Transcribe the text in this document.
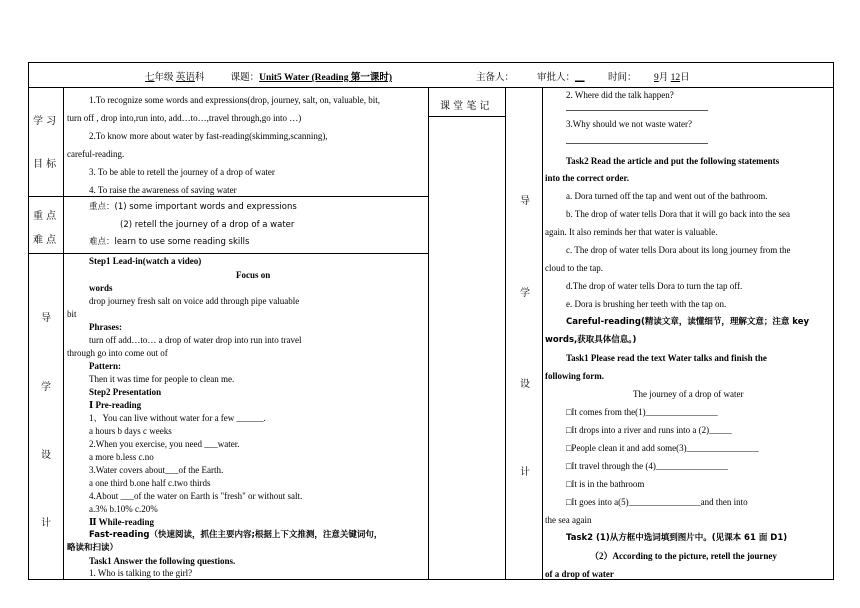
七年级 英语科	课题：Unit5 Water (Reading 第一课时)	主备人： 审批人：__ 时间： 9月 12日
学 习
目 标
重 点
难 点
导
学
设
计
导
学
设
计
课 堂 笔 记
1.To recognize some words and expressions(drop, journey, salt, on, valuable, bit,
turn off , drop into,run into, add…to…,travel through,go into …)
2.To know more about water by fast-reading(skimming,scanning),
careful-reading.
3. To be able to retell the journey of a drop of water
4. To raise the awareness of saving water
重点：(1) some important words and expressions
(2) retell the journey of a drop of a water
难点：learn to use some reading skills
Step1 Lead-in(watch a video)
Focus on
words
drop journey fresh salt on voice add through pipe valuable
bit
Phrases:
turn off add…to… a drop of water drop into run into travel
through go into come out of
Pattern:
Then it was time for people to clean me.
Step2 Presentation
Ⅰ Pre-reading
1、You can live without water for a few ______.
a hours b days c weeks
2.When you exercise, you need ___water.
a more b.less c.no
3.Water covers about___of the Earth.
a one third b.one half c.two thirds
4.About ___of the water on Earth is "fresh" or without salt.
a.3% b.10% c.20%
Ⅱ While-reading
Fast-reading（快速阅读，抓住主要内容;根据上下文推测，注意关键词句，
略读和扫读）
Task1 Answer the following questions.
1. Who is talking to the girl?
2. Where did the talk happen?
3.Why should we not waste water?
Task2 Read the article and put the following statements
into the correct order.
a. Dora turned off the tap and went out of the bathroom.
b. The drop of water tells Dora that it will go back into the sea
again. It also reminds her that water is valuable.
c. The drop of water tells Dora about its long journey from the
cloud to the tap.
d.The drop of water tells Dora to turn the tap off.
e. Dora is brushing her teeth with the tap on.
Careful-reading(精读文章，读懂细节，理解文意；注意 key
words,获取具体信息。)
Task1 Please read the text Water talks and finish the
following form.
The journey of a drop of water
□It comes from the(1)________________
□It drops into a river and runs into a (2)_____
□People clean it and add some(3)________________
□It travel through the (4)________________
□It is in the bathroom
□It goes into a(5)________________and then into
the sea again
Task2 (1)从方框中选词填到图片中。(见课本 61 面 D1)
（2）According to the picture, retell the journey
of a drop of water
